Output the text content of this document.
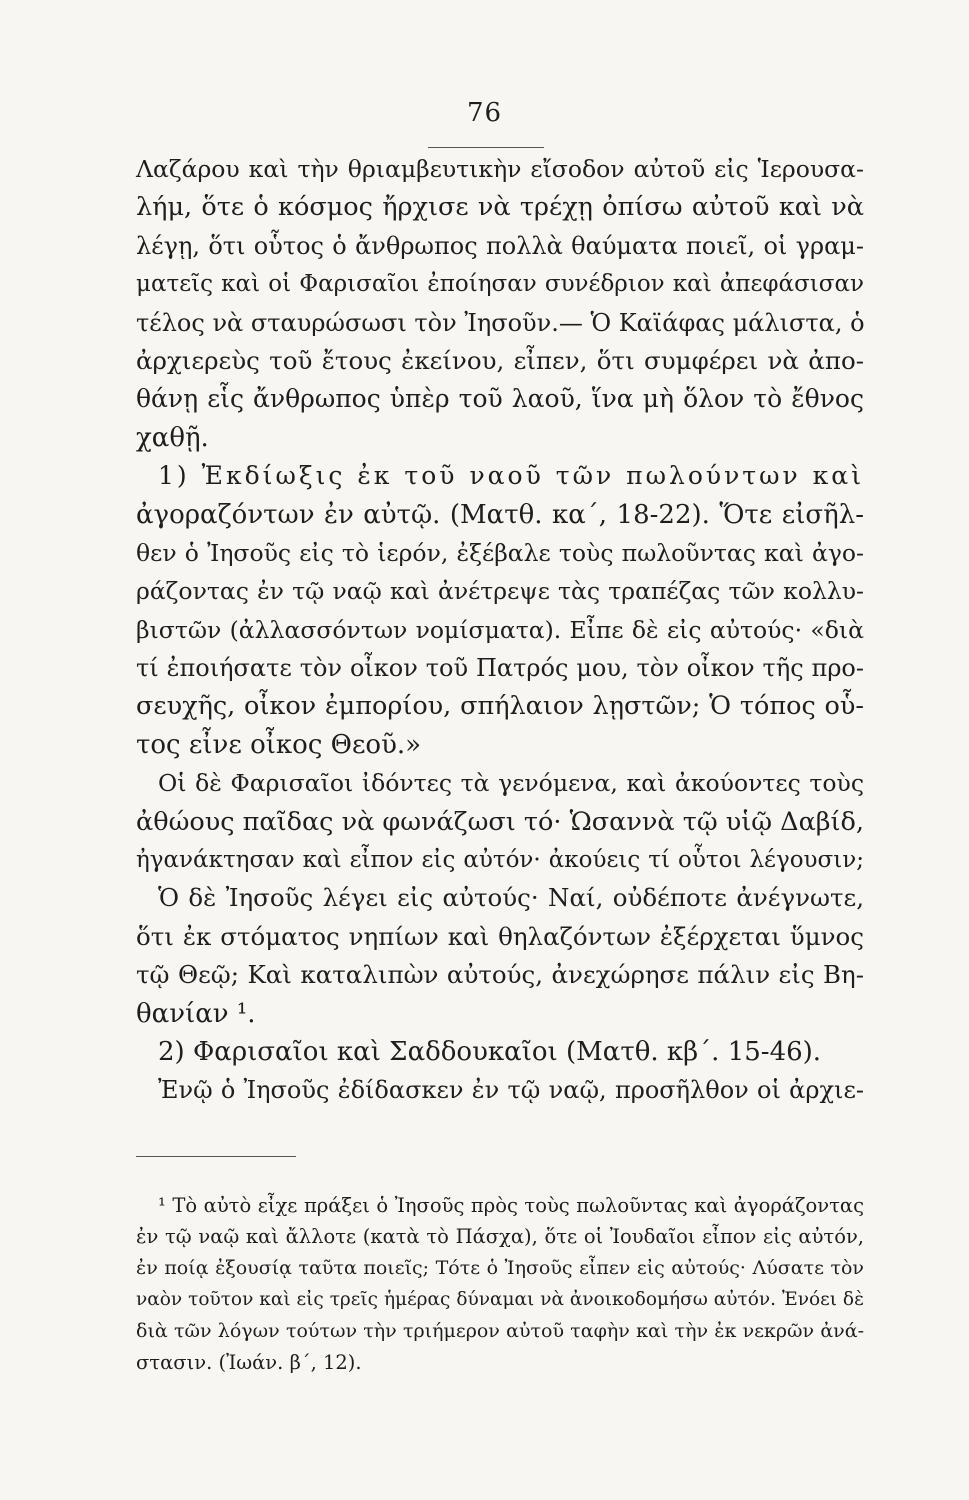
76
Λαζάρου καὶ τὴν θριαμβευτικὴν εἴσοδον αὐτοῦ εἰς Ἱερουσα-
λήμ, ὅτε ὁ κόσμος ἤρχισε νὰ τρέχῃ ὀπίσω αὐτοῦ καὶ νὰ
λέγῃ, ὅτι οὗτος ὁ ἄνθρωπος πολλὰ θαύματα ποιεῖ, οἱ γραμ-
ματεῖς καὶ οἱ Φαρισαῖοι ἐποίησαν συνέδριον καὶ ἀπεφάσισαν
τέλος νὰ σταυρώσωσι τὸν Ἰησοῦν.— Ὁ Καϊάφας μάλιστα, ὁ
ἀρχιερεὺς τοῦ ἔτους ἐκείνου, εἶπεν, ὅτι συμφέρει νὰ ἀπο-
θάνῃ εἷς ἄνθρωπος ὑπὲρ τοῦ λαοῦ, ἵνα μὴ ὅλον τὸ ἔθνος
χαθῇ.
1) Ἐκδίωξις ἐκ τοῦ ναοῦ τῶν πωλούντων καὶ
ἀγοραζόντων ἐν αὐτῷ. (Ματθ. κα΄, 18-22). Ὅτε εἰσῆλ-
θεν ὁ Ἰησοῦς εἰς τὸ ἱερόν, ἐξέβαλε τοὺς πωλοῦντας καὶ ἀγο-
ράζοντας ἐν τῷ ναῷ καὶ ἀνέτρεψε τὰς τραπέζας τῶν κολλυ-
βιστῶν (ἀλλασσόντων νομίσματα). Εἶπε δὲ εἰς αὐτούς· «διὰ
τί ἐποιήσατε τὸν οἶκον τοῦ Πατρός μου, τὸν οἶκον τῆς προ-
σευχῆς, οἶκον ἐμπορίου, σπήλαιον λῃστῶν; Ὁ τόπος οὗ-
τος εἶνε οἶκος Θεοῦ.»
Οἱ δὲ Φαρισαῖοι ἰδόντες τὰ γενόμενα, καὶ ἀκούοντες τοὺς
ἀθώους παῖδας νὰ φωνάζωσι τό· Ὡσαννὰ τῷ υἱῷ Δαβίδ,
ἠγανάκτησαν καὶ εἶπον εἰς αὐτόν· ἀκούεις τί οὗτοι λέγουσιν;
Ὁ δὲ Ἰησοῦς λέγει εἰς αὐτούς· Ναί, οὐδέποτε ἀνέγνωτε,
ὅτι ἐκ στόματος νηπίων καὶ θηλαζόντων ἐξέρχεται ὕμνος
τῷ Θεῷ; Καὶ καταλιπὼν αὐτούς, ἀνεχώρησε πάλιν εἰς Βη-
θανίαν ¹.
2) Φαρισαῖοι καὶ Σαδδουκαῖοι (Ματθ. κβ΄. 15-46).
Ἐνῷ ὁ Ἰησοῦς ἐδίδασκεν ἐν τῷ ναῷ, προσῆλθον οἱ ἀρχιε-
¹ Τὸ αὐτὸ εἶχε πράξει ὁ Ἰησοῦς πρὸς τοὺς πωλοῦντας καὶ ἀγοράζοντας
ἐν τῷ ναῷ καὶ ἄλλοτε (κατὰ τὸ Πάσχα), ὅτε οἱ Ἰουδαῖοι εἶπον εἰς αὐτόν,
ἐν ποίᾳ ἐξουσίᾳ ταῦτα ποιεῖς; Τότε ὁ Ἰησοῦς εἶπεν εἰς αὐτούς· Λύσατε τὸν
ναὸν τοῦτον καὶ εἰς τρεῖς ἡμέρας δύναμαι νὰ ἀνοικοδομήσω αὐτόν. Ἐνόει δὲ
διὰ τῶν λόγων τούτων τὴν τριήμερον αὐτοῦ ταφὴν καὶ τὴν ἐκ νεκρῶν ἀνά-
στασιν. (Ἰωάν. β΄, 12).
